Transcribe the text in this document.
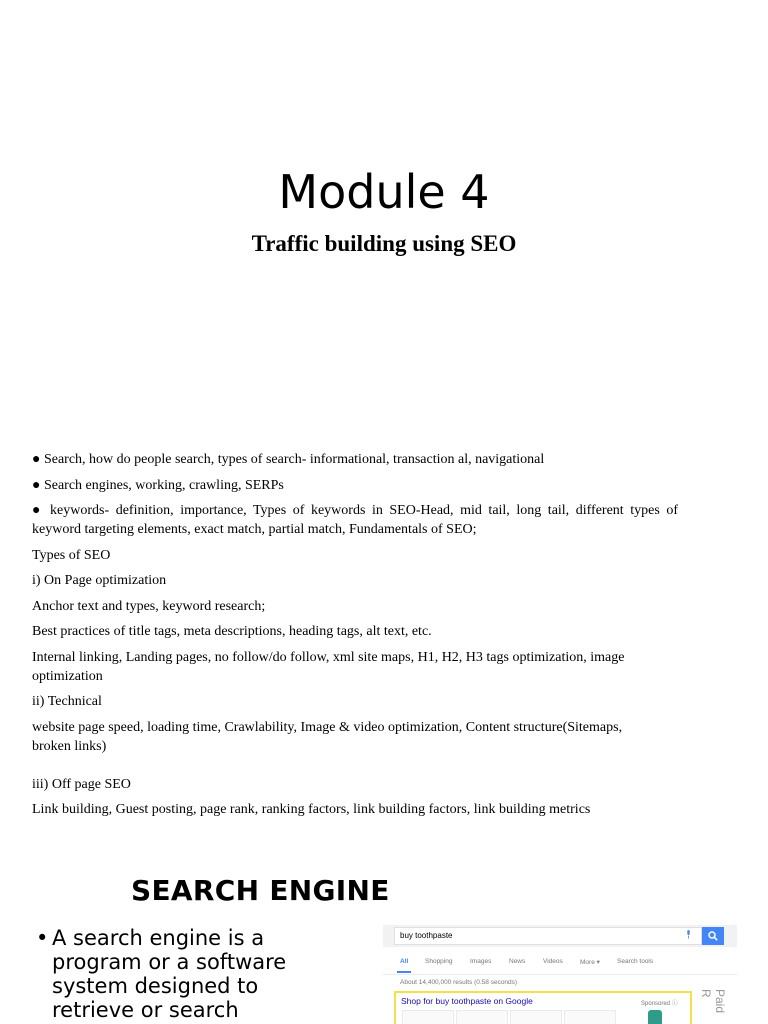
Module 4
Traffic building using SEO
● Search, how do people search, types of search- informational, transaction al, navigational
● Search engines, working, crawling, SERPs
● keywords- definition, importance, Types of keywords in SEO-Head, mid tail, long tail, different types of keyword targeting elements, exact match, partial match, Fundamentals of SEO;
Types of SEO
i) On Page optimization
Anchor text and types, keyword research;
Best practices of title tags, meta descriptions, heading tags, alt text, etc.
Internal linking, Landing pages, no follow/do follow, xml site maps, H1, H2, H3 tags optimization, image optimization
ii) Technical
website page speed, loading time, Crawlability, Image & video optimization, Content structure(Sitemaps, broken links)
iii) Off page SEO
Link building, Guest posting, page rank, ranking factors, link building factors, link building metrics
SEARCH ENGINE
• A search engine is a program or a software system designed to retrieve or search
buy toothpaste
All	Shopping	Images	News	Videos	More ▾	Search tools
About 14,400,000 results (0.58 seconds)
Shop for buy toothpaste on Google	Sponsored ⓘ	Paid R
